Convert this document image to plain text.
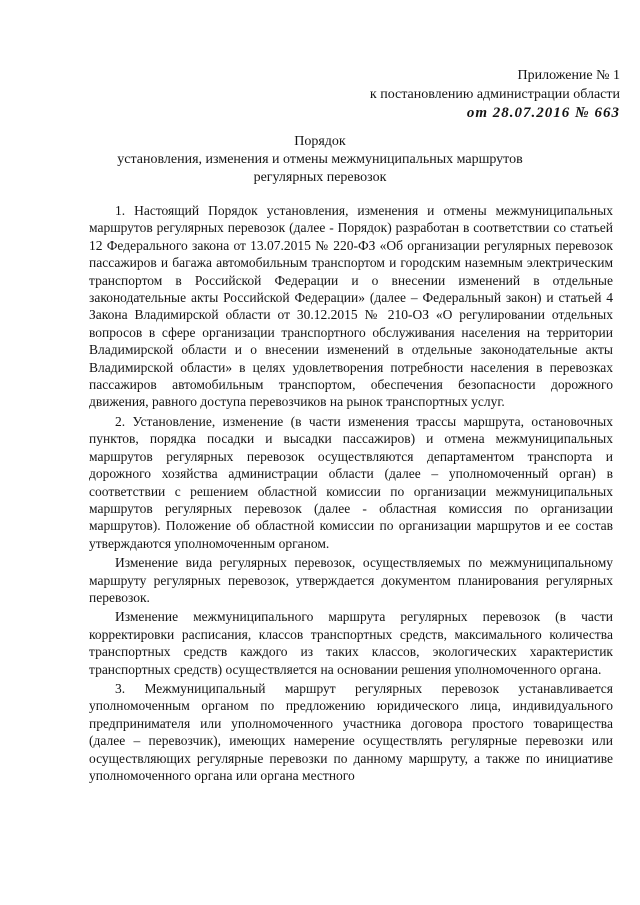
Приложение № 1
к постановлению администрации области
от 28.07.2016 № 663
Порядок
установления, изменения и отмены межмуниципальных маршрутов
регулярных перевозок

1. Настоящий Порядок установления, изменения и отмены межмуниципальных маршрутов регулярных перевозок (далее - Порядок) разработан в соответствии со статьей 12 Федерального закона от 13.07.2015 № 220-ФЗ «Об организации регулярных перевозок пассажиров и багажа автомобильным транспортом и городским наземным электрическим транспортом в Российской Федерации и о внесении изменений в отдельные законодательные акты Российской Федерации» (далее – Федеральный закон) и статьей 4 Закона Владимирской области от 30.12.2015 № 210-ОЗ «О регулировании отдельных вопросов в сфере организации транспортного обслуживания населения на территории Владимирской области и о внесении изменений в отдельные законодательные акты Владимирской области» в целях удовлетворения потребности населения в перевозках пассажиров автомобильным транспортом, обеспечения безопасности дорожного движения, равного доступа перевозчиков на рынок транспортных услуг.

2. Установление, изменение (в части изменения трассы маршрута, остановочных пунктов, порядка посадки и высадки пассажиров) и отмена межмуниципальных маршрутов регулярных перевозок осуществляются департаментом транспорта и дорожного хозяйства администрации области (далее – уполномоченный орган) в соответствии с решением областной комиссии по организации межмуниципальных маршрутов регулярных перевозок (далее - областная комиссия по организации маршрутов). Положение об областной комиссии по организации маршрутов и ее состав утверждаются уполномоченным органом.

Изменение вида регулярных перевозок, осуществляемых по межмуниципальному маршруту регулярных перевозок, утверждается документом планирования регулярных перевозок.

Изменение межмуниципального маршрута регулярных перевозок (в части корректировки расписания, классов транспортных средств, максимального количества транспортных средств каждого из таких классов, экологических характеристик транспортных средств) осуществляется на основании решения уполномоченного органа.

3. Межмуниципальный маршрут регулярных перевозок устанавливается уполномоченным органом по предложению юридического лица, индивидуального предпринимателя или уполномоченного участника договора простого товарищества (далее – перевозчик), имеющих намерение осуществлять регулярные перевозки или осуществляющих регулярные перевозки по данному маршруту, а также по инициативе уполномоченного органа или органа местного
